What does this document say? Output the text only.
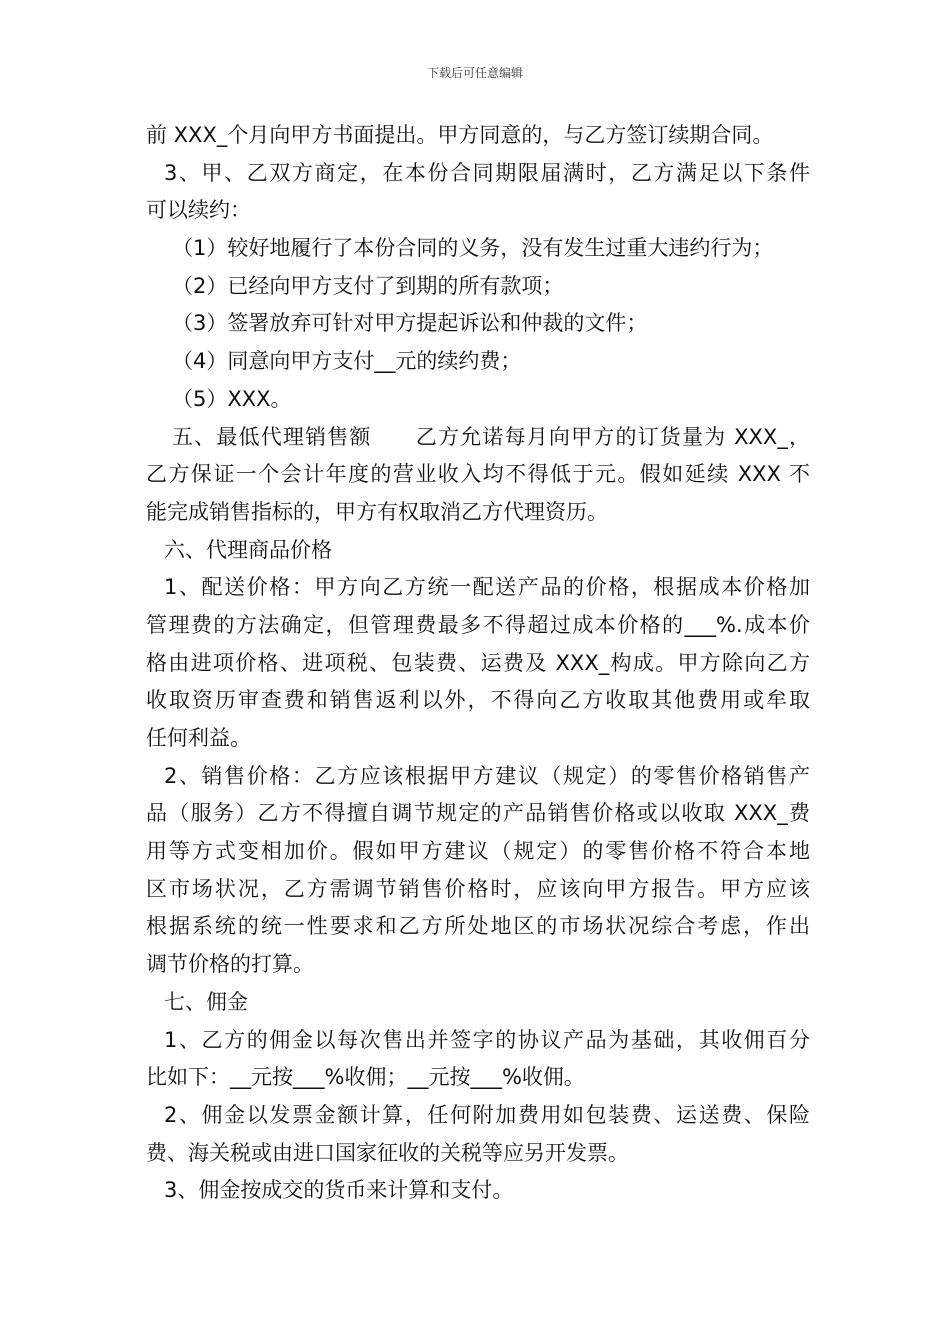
下载后可任意编辑
前 XXX_个月向甲方书面提出。甲方同意的，与乙方签订续期合同。
3、甲、乙双方商定，在本份合同期限届满时，乙方满足以下条件
可以续约：
（1）较好地履行了本份合同的义务，没有发生过重大违约行为；
（2）已经向甲方支付了到期的所有款项；
（3）签署放弃可针对甲方提起诉讼和仲裁的文件；
（4）同意向甲方支付__元的续约费；
（5）XXX。
五、最低代理销售额　　乙方允诺每月向甲方的订货量为 XXX_，
乙方保证一个会计年度的营业收入均不得低于元。假如延续 XXX 不
能完成销售指标的，甲方有权取消乙方代理资历。
六、代理商品价格
1、配送价格：甲方向乙方统一配送产品的价格，根据成本价格加
管理费的方法确定，但管理费最多不得超过成本价格的___%.成本价
格由进项价格、进项税、包装费、运费及 XXX_构成。甲方除向乙方
收取资历审查费和销售返利以外，不得向乙方收取其他费用或牟取
任何利益。
2、销售价格：乙方应该根据甲方建议（规定）的零售价格销售产
品（服务）乙方不得擅自调节规定的产品销售价格或以收取 XXX_费
用等方式变相加价。假如甲方建议（规定）的零售价格不符合本地
区市场状况，乙方需调节销售价格时，应该向甲方报告。甲方应该
根据系统的统一性要求和乙方所处地区的市场状况综合考虑，作出
调节价格的打算。
七、佣金
1、乙方的佣金以每次售出并签字的协议产品为基础，其收佣百分
比如下：__元按___%收佣；__元按___%收佣。
2、佣金以发票金额计算，任何附加费用如包装费、运送费、保险
费、海关税或由进口国家征收的关税等应另开发票。
3、佣金按成交的货币来计算和支付。
